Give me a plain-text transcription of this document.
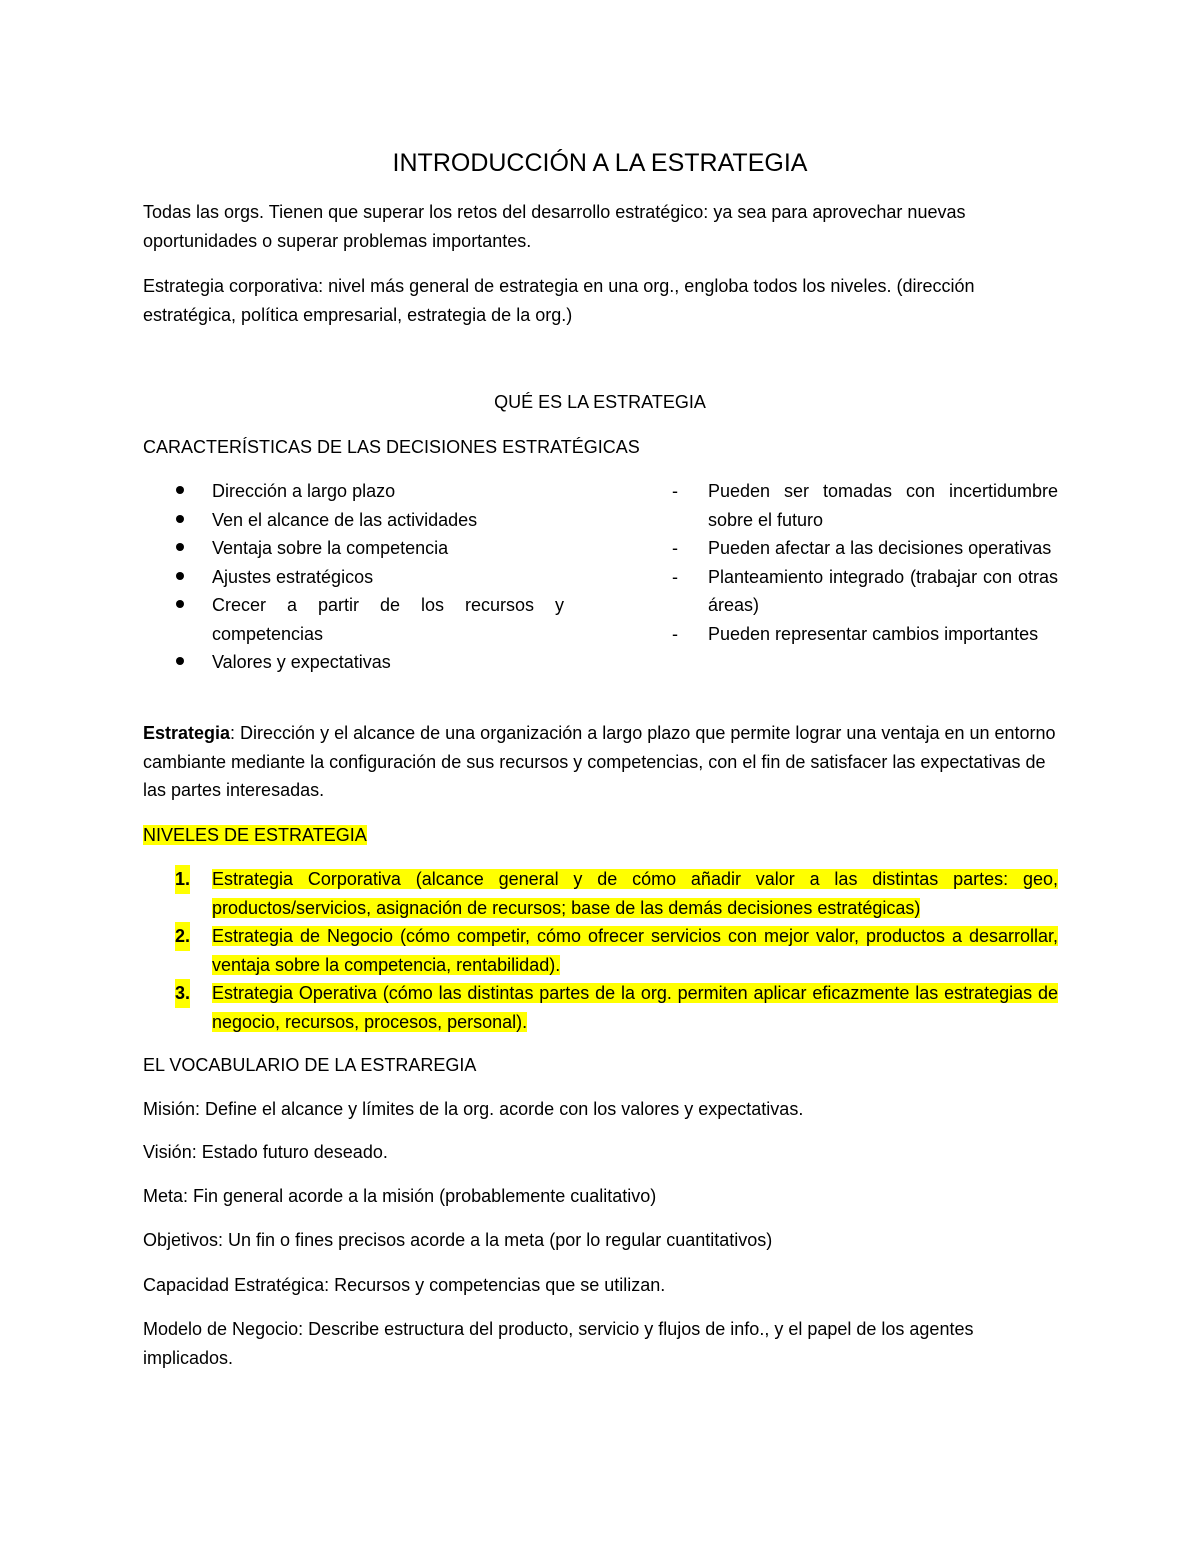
INTRODUCCIÓN A LA ESTRATEGIA

Todas las orgs. Tienen que superar los retos del desarrollo estratégico: ya sea para aprovechar nuevas oportunidades o superar problemas importantes.

Estrategia corporativa: nivel más general de estrategia en una org., engloba todos los niveles. (dirección estratégica, política empresarial, estrategia de la org.)

QUÉ ES LA ESTRATEGIA

CARACTERÍSTICAS DE LAS DECISIONES ESTRATÉGICAS

Dirección a largo plazo
Ven el alcance de las actividades
Ventaja sobre la competencia
Ajustes estratégicos
Crecer a partir de los recursos y competencias
Valores y expectativas
-	Pueden ser tomadas con incertidumbre sobre el futuro
-	Pueden afectar a las decisiones operativas
-	Planteamiento integrado (trabajar con otras áreas)
-	Pueden representar cambios importantes

Estrategia: Dirección y el alcance de una organización a largo plazo que permite lograr una ventaja en un entorno cambiante mediante la configuración de sus recursos y competencias, con el fin de satisfacer las expectativas de las partes interesadas.

NIVELES DE ESTRATEGIA

1. Estrategia Corporativa (alcance general y de cómo añadir valor a las distintas partes: geo, productos/servicios, asignación de recursos; base de las demás decisiones estratégicas)
2. Estrategia de Negocio (cómo competir, cómo ofrecer servicios con mejor valor, productos a desarrollar, ventaja sobre la competencia, rentabilidad).
3. Estrategia Operativa (cómo las distintas partes de la org. permiten aplicar eficazmente las estrategias de negocio, recursos, procesos, personal).

EL VOCABULARIO DE LA ESTRAREGIA

Misión: Define el alcance y límites de la org. acorde con los valores y expectativas.

Visión: Estado futuro deseado.

Meta: Fin general acorde a la misión (probablemente cualitativo)

Objetivos: Un fin o fines precisos acorde a la meta (por lo regular cuantitativos)

Capacidad Estratégica: Recursos y competencias que se utilizan.

Modelo de Negocio: Describe estructura del producto, servicio y flujos de info., y el papel de los agentes implicados.
